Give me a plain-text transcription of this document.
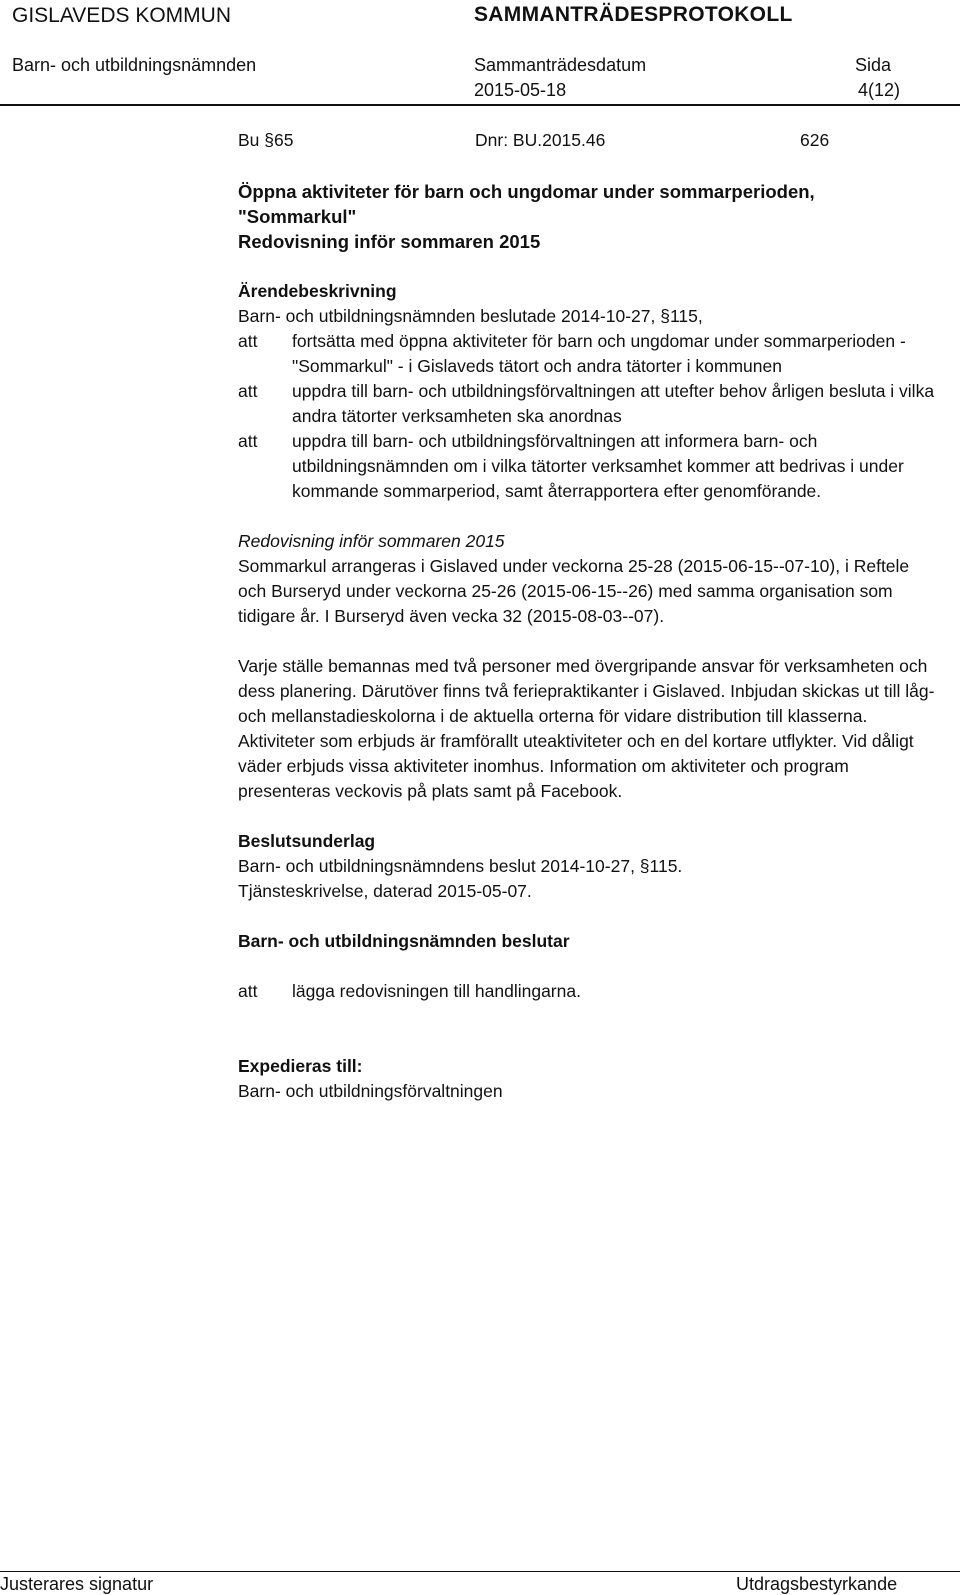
GISLAVEDS KOMMUN	SAMMANTRÄDESPROTOKOLL
Barn- och utbildningsnämnden	Sammanträdesdatum
2015-05-18
Sida
4(12)
Bu §65	Dnr: BU.2015.46	626
Öppna aktiviteter för barn och ungdomar under sommarperioden,
"Sommarkul"
Redovisning inför sommaren 2015
Ärendebeskrivning
Barn- och utbildningsnämnden beslutade 2014-10-27, §115,
att	fortsätta med öppna aktiviteter för barn och ungdomar under sommarperioden - "Sommarkul" - i Gislaveds tätort och andra tätorter i kommunen
att	uppdra till barn- och utbildningsförvaltningen att utefter behov årligen besluta i vilka andra tätorter verksamheten ska anordnas
att	uppdra till barn- och utbildningsförvaltningen att informera barn- och utbildningsnämnden om i vilka tätorter verksamhet kommer att bedrivas i under kommande sommarperiod, samt återrapportera efter genomförande.
Redovisning inför sommaren 2015

Sommarkul arrangeras i Gislaved under veckorna 25-28 (2015-06-15--07-10), i Reftele och Burseryd under veckorna 25-26 (2015-06-15--26) med samma organisation som tidigare år. I Burseryd även vecka 32 (2015-08-03--07).

Varje ställe bemannas med två personer med övergripande ansvar för verksamheten och dess planering. Därutöver finns två feriepraktikanter i Gislaved. Inbjudan skickas ut till låg- och mellanstadieskolorna i de aktuella orterna för vidare distribution till klasserna. Aktiviteter som erbjuds är framförallt uteaktiviteter och en del kortare utflykter. Vid dåligt väder erbjuds vissa aktiviteter inomhus. Information om aktiviteter och program presenteras veckovis på plats samt på Facebook.

Beslutsunderlag
Barn- och utbildningsnämndens beslut 2014-10-27, §115.
Tjänsteskrivelse, daterad 2015-05-07.
Barn- och utbildningsnämnden beslutar
att	lägga redovisningen till handlingarna.
Expedieras till:
Barn- och utbildningsförvaltningen
Justerares signatur	Utdragsbestyrkande
